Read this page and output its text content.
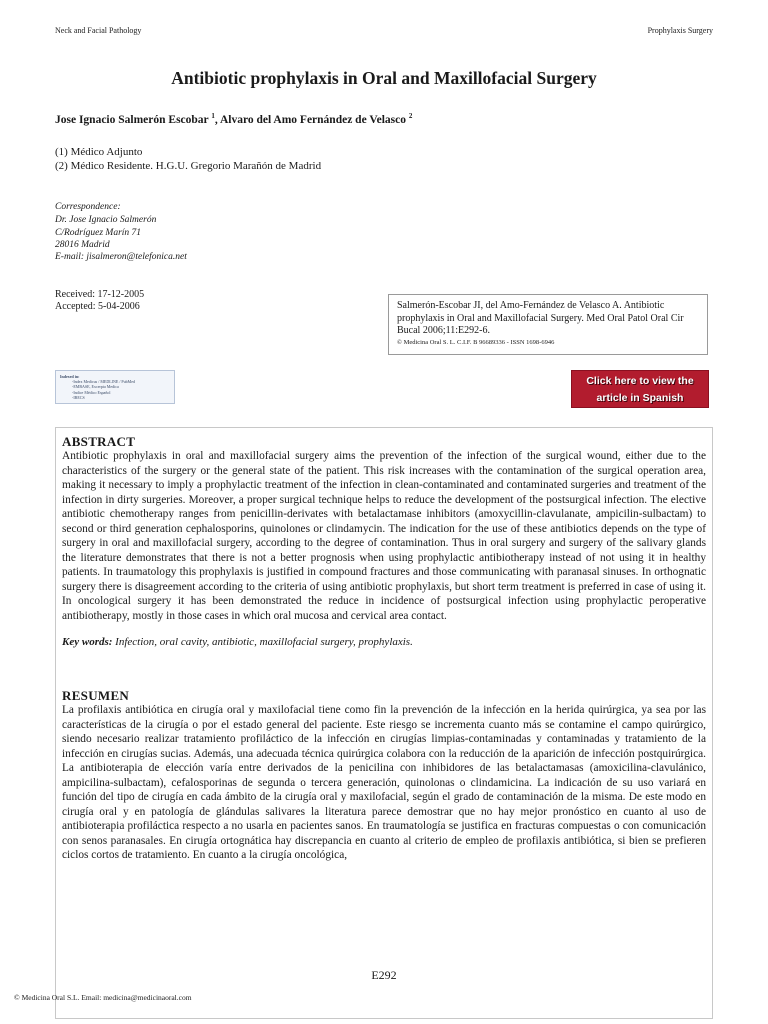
Neck and Facial Pathology	Prophylaxis Surgery
Antibiotic prophylaxis in Oral and Maxillofacial Surgery
Jose Ignacio Salmerón Escobar $^1$, Alvaro del Amo Fernández de Velasco $^2$
(1) Médico Adjunto
(2) Médico Residente. H.G.U. Gregorio Marañón de Madrid
Correspondence:
Dr. Jose Ignacio Salmerón
C/Rodríguez Marín 71
28016 Madrid
E-mail: jisalmeron@telefonica.net
Received: 17-12-2005
Accepted: 5-04-2006	Salmerón-Escobar JI, del Amo-Fernández de Velasco A. Antibiotic prophylaxis in Oral and Maxillofacial Surgery. Med Oral Patol Oral Cir Bucal 2006;11:E292-6.
© Medicina Oral S. L. C.I.F. B 96689336 - ISSN 1698-6946
Indexed in:
-Index Medicus / MEDLINE / PubMed
-EMBASE, Excerpta Medica
-Indice Médico Español
-IBECS
Click here to view the
article in Spanish
ABSTRACT

Antibiotic prophylaxis in oral and maxillofacial surgery aims the prevention of the infection of the surgical wound, either due to the characteristics of the surgery or the general state of the patient. This risk increases with the contamination of the surgical operation area, making it necessary to imply a prophylactic treatment of the infection in clean-contaminated and contaminated surgeries and treatment of the infection in dirty surgeries. Moreover, a proper surgical technique helps to reduce the development of the postsurgical infection. The elective antibiotic chemotherapy ranges from penicillin-derivates with betalactamase inhibitors (amoxycillin-clavulanate, ampicilin-sulbactam) to second or third generation cephalosporins, quinolones or clindamycin. The indication for the use of these antibiotics depends on the type of surgery in oral and maxillofacial surgery, according to the degree of contamination. Thus in oral surgery and surgery of the salivary glands the literature demonstrates that there is not a better prognosis when using prophylactic antibiotherapy instead of not using it in healthy patients. In traumatology this prophylaxis is justified in compound fractures and those communicating with paranasal sinuses. In orthognatic surgery there is disagreement according to the criteria of using antibiotic prophylaxis, but short term treatment is preferred in case of using it. In oncological surgery it has been demonstrated the reduce in incidence of postsurgical infection using prophylactic peroperative antibiotherapy, mostly in those cases in which oral mucosa and cervical area contact.

Key words: Infection, oral cavity, antibiotic, maxillofacial surgery, prophylaxis.
RESUMEN

La profilaxis antibiótica en cirugía oral y maxilofacial tiene como fin la prevención de la infección en la herida quirúrgica, ya sea por las características de la cirugía o por el estado general del paciente. Este riesgo se incrementa cuanto más se contamine el campo quirúrgico, siendo necesario realizar tratamiento profiláctico de la infección en cirugías limpias-contaminadas y contaminadas y tratamiento de la infección en cirugías sucias. Además, una adecuada técnica quirúrgica colabora con la reducción de la aparición de infección postquirúrgica. La antibioterapia de elección varía entre derivados de la penicilina con inhibidores de las betalactamasas (amoxicilina-clavulánico, ampicilina-sulbactam), cefalosporinas de segunda o tercera generación, quinolonas o clindamicina. La indicación de su uso variará en función del tipo de cirugía en cada ámbito de la cirugía oral y maxilofacial, según el grado de contaminación de la misma. De este modo en cirugía oral y en patología de glándulas salivares la literatura parece demostrar que no hay mejor pronóstico en cuanto al uso de antibioterapia profiláctica respecto a no usarla en pacientes sanos. En traumatología se justifica en fracturas compuestas o con comunicación con senos paranasales. En cirugía ortognática hay discrepancia en cuanto al criterio de empleo de profilaxis antibiótica, si bien se prefieren ciclos cortos de tratamiento. En cuanto a la cirugía oncológica,

E292
© Medicina Oral S.L. Email: medicina@medicinaoral.com
